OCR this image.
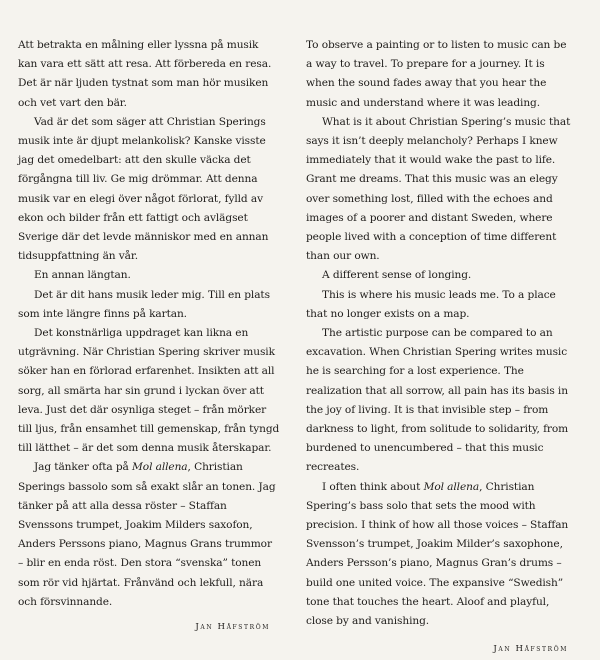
Att betrakta en målning eller lyssna på musik kan vara ett sätt att resa. Att förbereda en resa. Det är när ljuden tystnat som man hör musiken och vet vart den bär.

Vad är det som säger att Christian Sperings musik inte är djupt melankolisk? Kanske visste jag det omedelbart: att den skulle väcka det förgångna till liv. Ge mig drömmar. Att denna musik var en elegi över något förlorat, fylld av ekon och bilder från ett fattigt och avlägset Sverige där det levde människor med en annan tidsuppfattning än vår.

En annan längtan.

Det är dit hans musik leder mig. Till en plats som inte längre finns på kartan.

Det konstnärliga uppdraget kan likna en utgrävning. När Christian Spering skriver musik söker han en förlorad erfarenhet. Insikten att all sorg, all smärta har sin grund i lyckan över att leva. Just det där osynliga steget – från mörker till ljus, från ensamhet till gemenskap, från tyngd till lätthet – är det som denna musik återskapar.

Jag tänker ofta på Mol allena, Christian Sperings bassolo som så exakt slår an tonen. Jag tänker på att alla dessa röster – Staffan Svenssons trumpet, Joakim Milders saxofon, Anders Perssons piano, Magnus Grans trummor – blir en enda röst. Den stora “svenska” tonen som rör vid hjärtat. Frånvänd och lekfull, nära och försvinnande.

Jan Håfström

To observe a painting or to listen to music can be a way to travel. To prepare for a journey. It is when the sound fades away that you hear the music and understand where it was leading.

What is it about Christian Spering’s music that says it isn’t deeply melancholy? Perhaps I knew immediately that it would wake the past to life. Grant me dreams. That this music was an elegy over something lost, filled with the echoes and images of a poorer and distant Sweden, where people lived with a conception of time different than our own.

A different sense of longing.

This is where his music leads me. To a place that no longer exists on a map.

The artistic purpose can be compared to an excavation. When Christian Spering writes music he is searching for a lost experience. The realization that all sorrow, all pain has its basis in the joy of living. It is that invisible step – from darkness to light, from solitude to solidarity, from burdened to unencumbered – that this music recreates.

I often think about Mol allena, Christian Spering’s bass solo that sets the mood with precision. I think of how all those voices – Staffan Svensson’s trumpet, Joakim Milder’s saxophone, Anders Persson’s piano, Magnus Gran’s drums – build one united voice. The expansive “Swedish” tone that touches the heart. Aloof and playful, close by and vanishing.

Jan Håfström
